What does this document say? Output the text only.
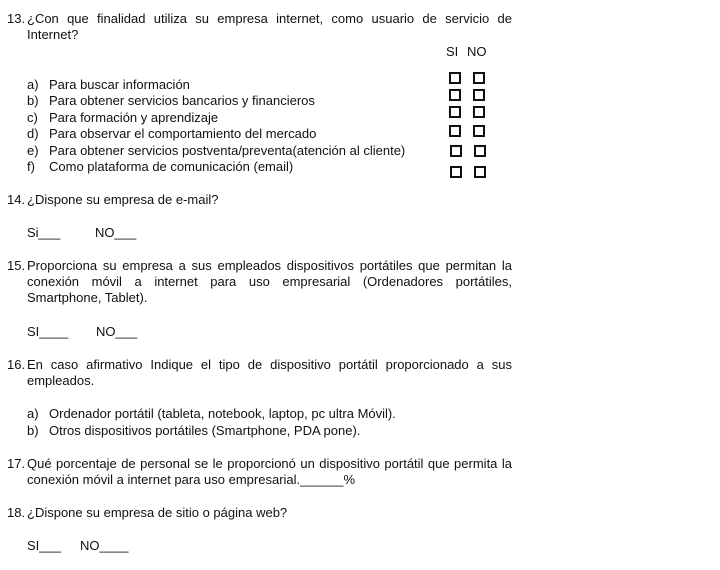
13. ¿Con que finalidad utiliza su empresa internet, como usuario de servicio de Internet?
SI NO
a) Para buscar información
b) Para obtener servicios bancarios y financieros
c) Para formación y aprendizaje
d) Para observar el comportamiento del mercado
e) Para obtener servicios postventa/preventa(atención al cliente)
f) Como plataforma de comunicación (email)
14. ¿Dispone su empresa de e-mail?
Si___	NO___
15. Proporciona su empresa a sus empleados dispositivos portátiles que permitan la conexión móvil a internet para uso empresarial (Ordenadores portátiles, Smartphone, Tablet).
SI____ NO___
16. En caso afirmativo Indique el tipo de dispositivo portátil proporcionado a sus empleados.
a) Ordenador portátil (tableta, notebook, laptop, pc ultra Móvil).
b) Otros dispositivos portátiles (Smartphone, PDA pone).
17. Qué porcentaje de personal se le proporcionó un dispositivo portátil que permita la conexión móvil a internet para uso empresarial.______%
18. ¿Dispone su empresa de sitio o página web?
SI___ NO____
